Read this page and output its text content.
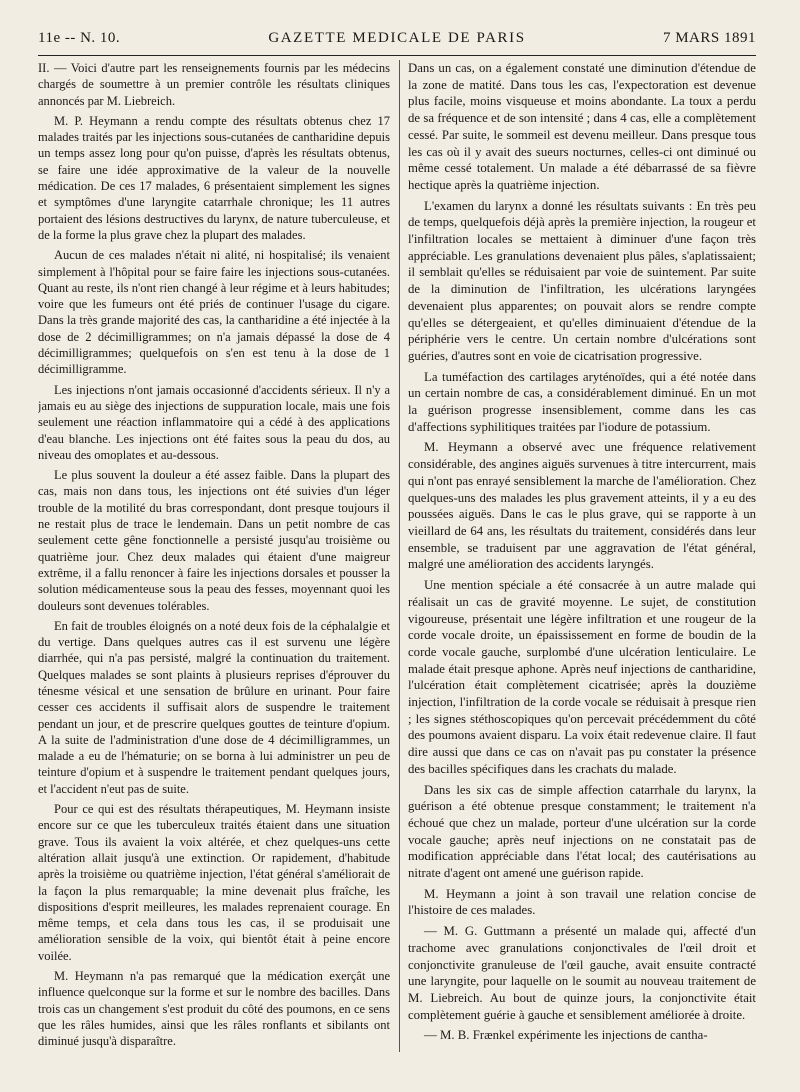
11e -- N. 10.	GAZETTE MEDICALE DE PARIS	7 MARS 1891

II. — Voici d'autre part les renseignements fournis par les médecins chargés de soumettre à un premier contrôle les résultats cliniques annoncés par M. Liebreich.

M. P. Heymann a rendu compte des résultats obtenus chez 17 malades traités par les injections sous-cutanées de cantharidine depuis un temps assez long pour qu'on puisse, d'après les résultats obtenus, se faire une idée approximative de la valeur de la nouvelle médication. De ces 17 malades, 6 présentaient simplement les signes et symptômes d'une laryngite catarrhale chronique; les 11 autres portaient des lésions destructives du larynx, de nature tuberculeuse, et de la forme la plus grave chez la plupart des malades.

Aucun de ces malades n'était ni alité, ni hospitalisé; ils venaient simplement à l'hôpital pour se faire faire les injections sous-cutanées. Quant au reste, ils n'ont rien changé à leur régime et à leurs habitudes; voire que les fumeurs ont été priés de continuer l'usage du cigare. Dans la très grande majorité des cas, la cantharidine a été injectée à la dose de 2 décimilligrammes; on n'a jamais dépassé la dose de 4 décimilligrammes; quelquefois on s'en est tenu à la dose de 1 décimilligramme.

Les injections n'ont jamais occasionné d'accidents sérieux. Il n'y a jamais eu au siège des injections de suppuration locale, mais une fois seulement une réaction inflammatoire qui a cédé à des applications d'eau blanche. Les injections ont été faites sous la peau du dos, au niveau des omoplates et au-dessous.

Le plus souvent la douleur a été assez faible. Dans la plupart des cas, mais non dans tous, les injections ont été suivies d'un léger trouble de la motilité du bras correspondant, dont presque toujours il ne restait plus de trace le lendemain. Dans un petit nombre de cas seulement cette gêne fonctionnelle a persisté jusqu'au troisième ou quatrième jour. Chez deux malades qui étaient d'une maigreur extrême, il a fallu renoncer à faire les injections dorsales et pousser la solution médicamenteuse sous la peau des fesses, moyennant quoi les douleurs sont devenues tolérables.

En fait de troubles éloignés on a noté deux fois de la céphalalgie et du vertige. Dans quelques autres cas il est survenu une légère diarrhée, qui n'a pas persisté, malgré la continuation du traitement. Quelques malades se sont plaints à plusieurs reprises d'éprouver du ténesme vésical et une sensation de brûlure en urinant. Pour faire cesser ces accidents il suffisait alors de suspendre le traitement pendant un jour, et de prescrire quelques gouttes de teinture d'opium. A la suite de l'administration d'une dose de 4 décimilligrammes, un malade a eu de l'hématurie; on se borna à lui administrer un peu de teinture d'opium et à suspendre le traitement pendant quelques jours, et l'accident n'eut pas de suite.

Pour ce qui est des résultats thérapeutiques, M. Heymann insiste encore sur ce que les tuberculeux traités étaient dans une situation grave. Tous ils avaient la voix altérée, et chez quelques-uns cette altération allait jusqu'à une extinction. Or rapidement, d'habitude après la troisième ou quatrième injection, l'état général s'améliorait de la façon la plus remarquable; la mine devenait plus fraîche, les dispositions d'esprit meilleures, les malades reprenaient courage. En même temps, et cela dans tous les cas, il se produisait une amélioration sensible de la voix, qui bientôt était à peine encore voilée.

M. Heymann n'a pas remarqué que la médication exerçât une influence quelconque sur la forme et sur le nombre des bacilles. Dans trois cas un changement s'est produit du côté des poumons, en ce sens que les râles humides, ainsi que les râles ronflants et sibilants ont diminué jusqu'à disparaître.

Dans un cas, on a également constaté une diminution d'étendue de la zone de matité. Dans tous les cas, l'expectoration est devenue plus facile, moins visqueuse et moins abondante. La toux a perdu de sa fréquence et de son intensité ; dans 4 cas, elle a complètement cessé. Par suite, le sommeil est devenu meilleur. Dans presque tous les cas où il y avait des sueurs nocturnes, celles-ci ont diminué ou même cessé totalement. Un malade a été débarrassé de sa fièvre hectique après la quatrième injection.

L'examen du larynx a donné les résultats suivants : En très peu de temps, quelquefois déjà après la première injection, la rougeur et l'infiltration locales se mettaient à diminuer d'une façon très appréciable. Les granulations devenaient plus pâles, s'aplatissaient; il semblait qu'elles se réduisaient par voie de suintement. Par suite de la diminution de l'infiltration, les ulcérations laryngées devenaient plus apparentes; on pouvait alors se rendre compte qu'elles se détergeaient, et qu'elles diminuaient d'étendue de la périphérie vers le centre. Un certain nombre d'ulcérations sont guéries, d'autres sont en voie de cicatrisation progressive.

La tuméfaction des cartilages aryténoïdes, qui a été notée dans un certain nombre de cas, a considérablement diminué. En un mot la guérison progresse insensiblement, comme dans les cas d'affections syphilitiques traitées par l'iodure de potassium.

M. Heymann a observé avec une fréquence relativement considérable, des angines aiguës survenues à titre intercurrent, mais qui n'ont pas enrayé sensiblement la marche de l'amélioration. Chez quelques-uns des malades les plus gravement atteints, il y a eu des poussées aiguës. Dans le cas le plus grave, qui se rapporte à un vieillard de 64 ans, les résultats du traitement, considérés dans leur ensemble, se traduisent par une aggravation de l'état général, malgré une amélioration des accidents laryngés.

Une mention spéciale a été consacrée à un autre malade qui réalisait un cas de gravité moyenne. Le sujet, de constitution vigoureuse, présentait une légère infiltration et une rougeur de la corde vocale droite, un épaississement en forme de boudin de la corde vocale gauche, surplombé d'une ulcération lenticulaire. Le malade était presque aphone. Après neuf injections de cantharidine, l'ulcération était complètement cicatrisée; après la douzième injection, l'infiltration de la corde vocale se réduisait à presque rien ; les signes stéthoscopiques qu'on percevait précédemment du côté des poumons avaient disparu. La voix était redevenue claire. Il faut dire aussi que dans ce cas on n'avait pas pu constater la présence des bacilles spécifiques dans les crachats du malade.

Dans les six cas de simple affection catarrhale du larynx, la guérison a été obtenue presque constamment; le traitement n'a échoué que chez un malade, porteur d'une ulcération sur la corde vocale gauche; après neuf injections on ne constatait pas de modification appréciable dans l'état local; des cautérisations au nitrate d'agent ont amené une guérison rapide.

M. Heymann a joint à son travail une relation concise de l'histoire de ces malades.

— M. G. Guttmann a présenté un malade qui, affecté d'un trachome avec granulations conjonctivales de l'œil droit et conjonctivite granuleuse de l'œil gauche, avait ensuite contracté une laryngite, pour laquelle on le soumit au nouveau traitement de M. Liebreich. Au bout de quinze jours, la conjonctivite était complètement guérie à gauche et sensiblement améliorée à droite.

— M. B. Frænkel expérimente les injections de cantha-
